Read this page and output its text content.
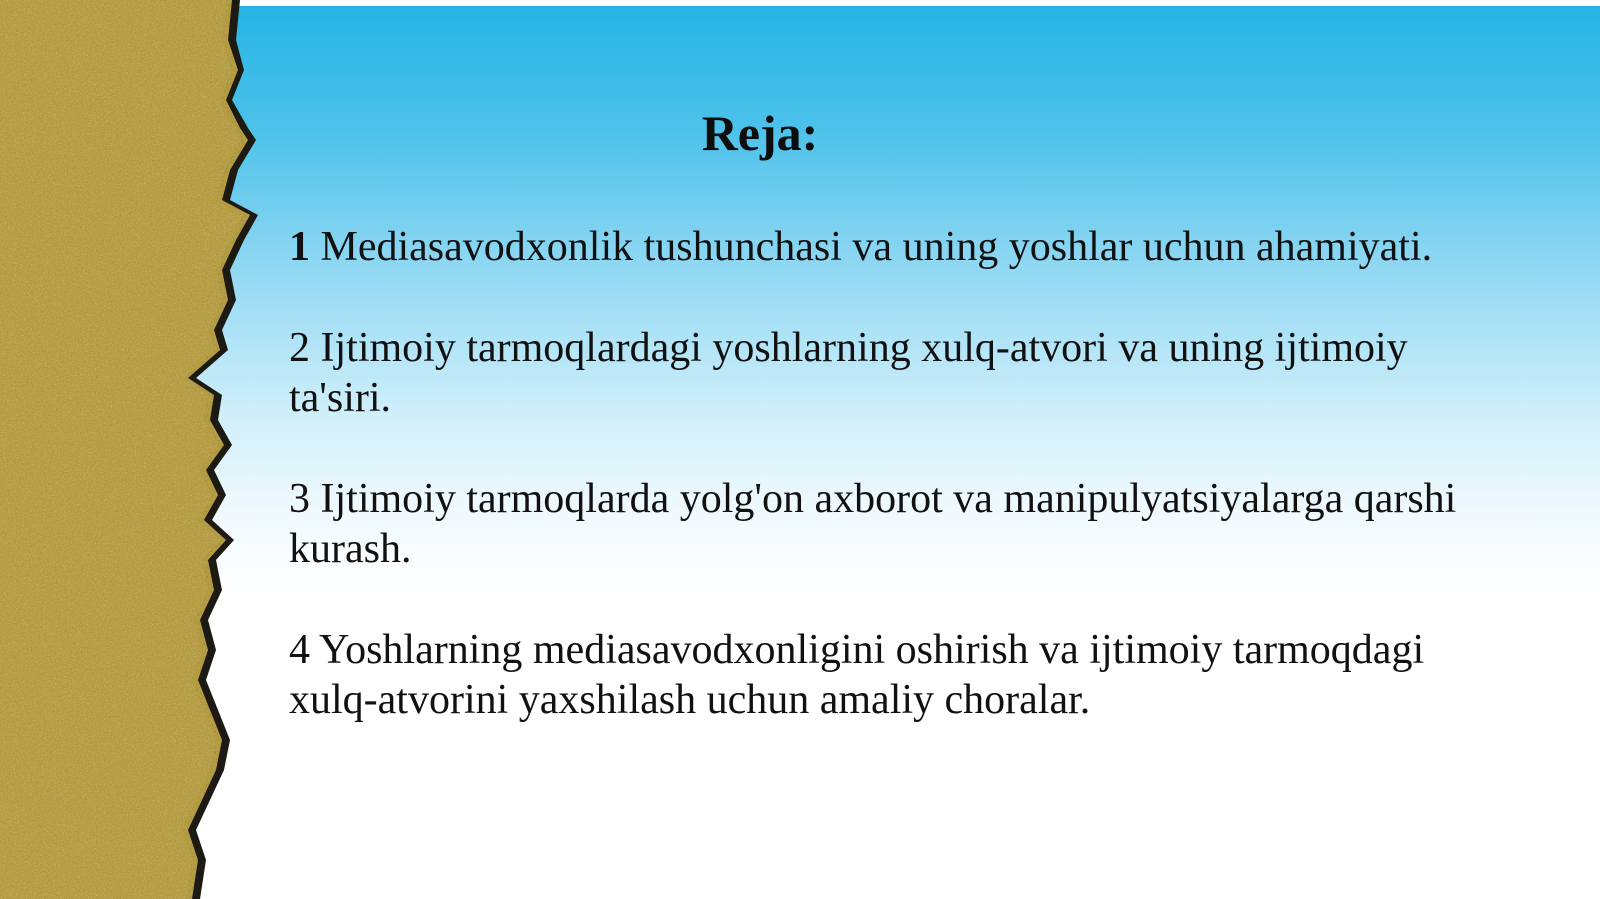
Reja:

1 Mediasavodxonlik tushunchasi va uning yoshlar uchun ahamiyati.

2 Ijtimoiy tarmoqlardagi yoshlarning xulq-atvori va uning ijtimoiy ta'siri.

3 Ijtimoiy tarmoqlarda yolg'on axborot va manipulyatsiyalarga qarshi kurash.

4 Yoshlarning mediasavodxonligini oshirish va ijtimoiy tarmoqdagi xulq-atvorini yaxshilash uchun amaliy choralar.
